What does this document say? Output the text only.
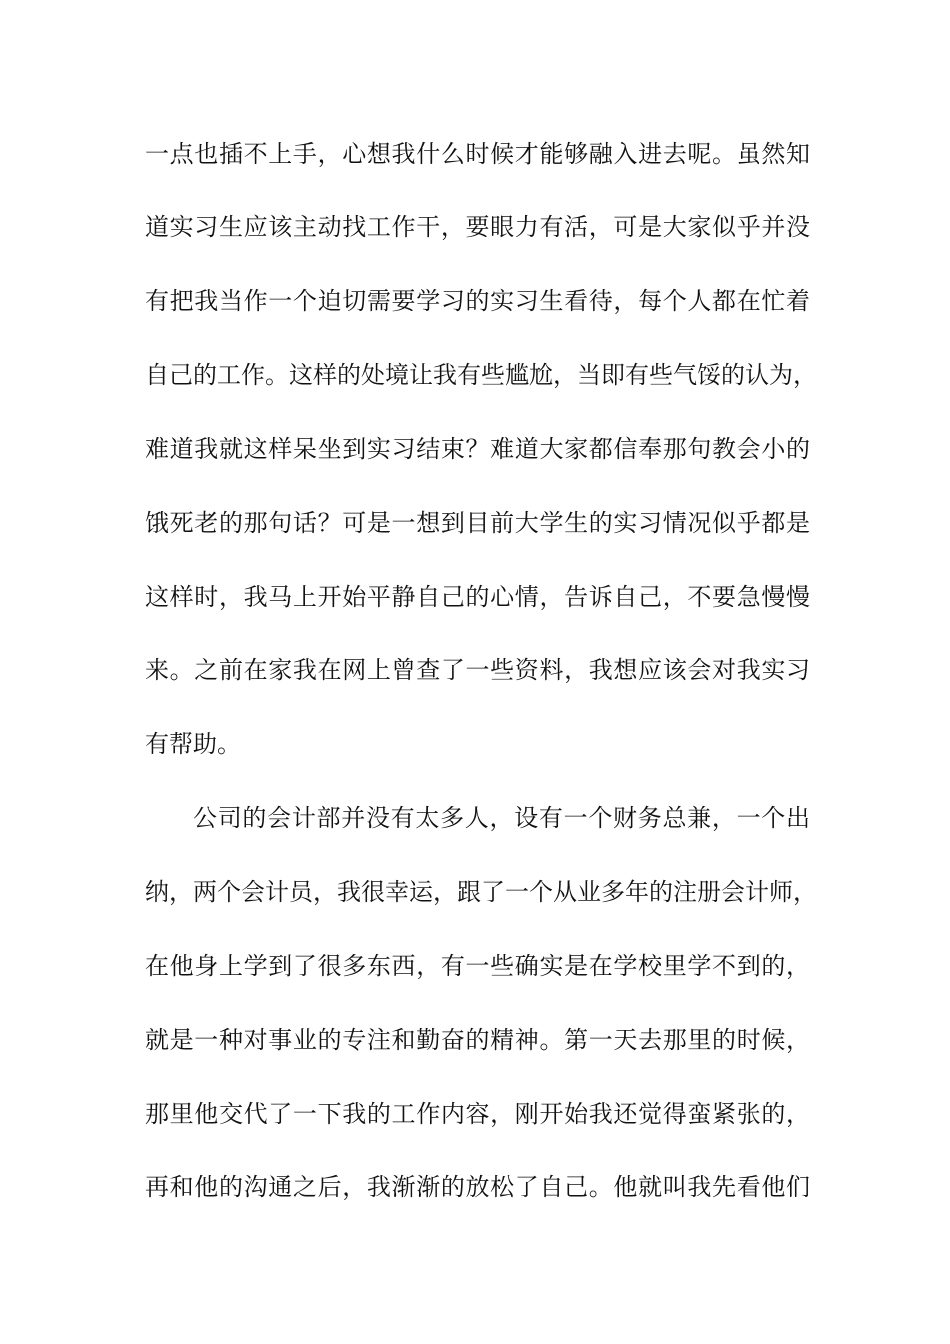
一点也插不上手，心想我什么时候才能够融入进去呢。虽然知
道实习生应该主动找工作干，要眼力有活，可是大家似乎并没
有把我当作一个迫切需要学习的实习生看待，每个人都在忙着
自己的工作。这样的处境让我有些尴尬，当即有些气馁的认为，
难道我就这样呆坐到实习结束？难道大家都信奉那句教会小的
饿死老的那句话？可是一想到目前大学生的实习情况似乎都是
这样时，我马上开始平静自己的心情，告诉自己，不要急慢慢
来。之前在家我在网上曾查了一些资料，我想应该会对我实习
有帮助。
公司的会计部并没有太多人，设有一个财务总兼，一个出
纳，两个会计员，我很幸运，跟了一个从业多年的注册会计师，
在他身上学到了很多东西，有一些确实是在学校里学不到的，
就是一种对事业的专注和勤奋的精神。第一天去那里的时候，
那里他交代了一下我的工作内容，刚开始我还觉得蛮紧张的，
再和他的沟通之后，我渐渐的放松了自己。他就叫我先看他们
